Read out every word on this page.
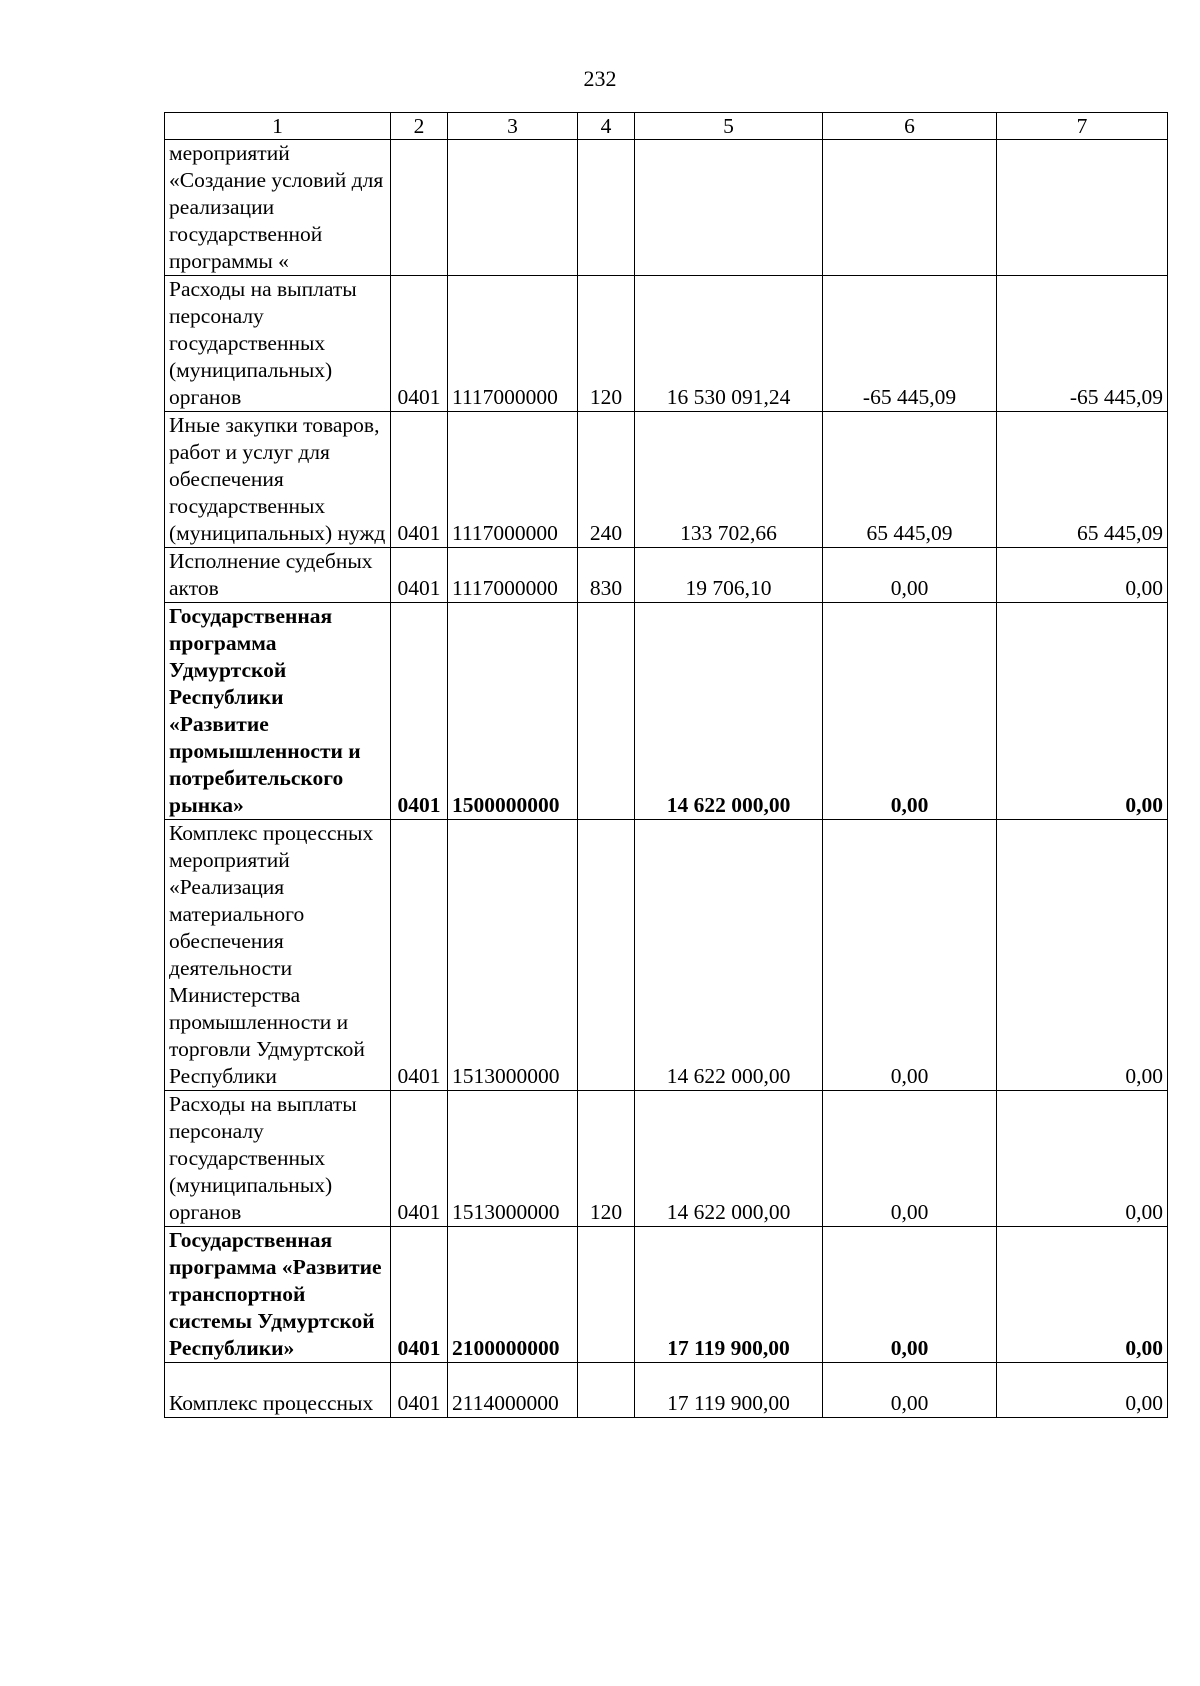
232
1	2	3	4	5	6	7
мероприятий «Создание условий для реализации государственной программы «						
Расходы на выплаты персоналу государственных (муниципальных) органов	0401	1117000000	120	16 530 091,24	-65 445,09	-65 445,09
Иные закупки товаров, работ и услуг для обеспечения государственных (муниципальных) нужд	0401	1117000000	240	133 702,66	65 445,09	65 445,09
Исполнение судебных актов	0401	1117000000	830	19 706,10	0,00	0,00
Государственная программа Удмуртской Республики «Развитие промышленности и потребительского рынка»	0401	1500000000		14 622 000,00	0,00	0,00
Комплекс процессных мероприятий «Реализация материального обеспечения деятельности Министерства промышленности и торговли Удмуртской Республики	0401	1513000000		14 622 000,00	0,00	0,00
Расходы на выплаты персоналу государственных (муниципальных) органов	0401	1513000000	120	14 622 000,00	0,00	0,00
Государственная программа «Развитие транспортной системы Удмуртской Республики»	0401	2100000000		17 119 900,00	0,00	0,00
Комплекс процессных	0401	2114000000		17 119 900,00	0,00	0,00
